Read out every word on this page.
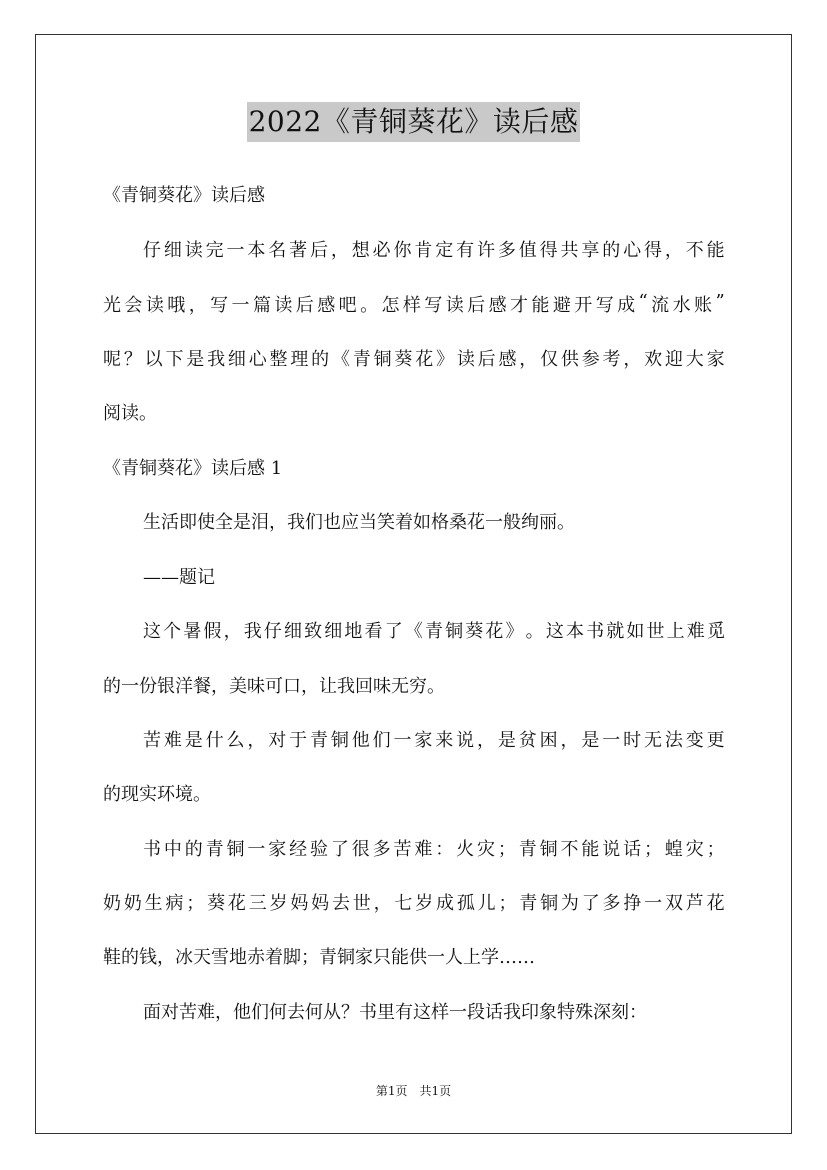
2022《青铜葵花》读后感
《青铜葵花》读后感
仔 细 读 完 一 本 名 著 后 ， 想 必 你 肯 定 有 许 多 值 得 共 享 的 心 得 ， 不 能
光 会 读 哦 ， 写 一 篇 读 后 感 吧 。 怎 样 写 读 后 感 才 能 避 开 写 成 “ 流 水 账 ”
呢 ？ 以 下 是 我 细 心 整 理 的 《 青 铜 葵 花 》 读 后 感 ， 仅 供 参 考 ， 欢 迎 大 家
阅读。
《青铜葵花》读后感 1
生活即使全是泪，我们也应当笑着如格桑花一般绚丽。
——题记
这 个 暑 假 ， 我 仔 细 致 细 地 看 了 《 青 铜 葵 花 》 。 这 本 书 就 如 世 上 难 觅
的一份银洋餐，美味可口，让我回味无穷。
苦 难 是 什 么 ， 对 于 青 铜 他 们 一 家 来 说 ， 是 贫 困 ， 是 一 时 无 法 变 更
的现实环境。
书 中 的 青 铜 一 家 经 验 了 很 多 苦 难 ： 火 灾 ； 青 铜 不 能 说 话 ； 蝗 灾 ；
奶 奶 生 病 ； 葵 花 三 岁 妈 妈 去 世 ， 七 岁 成 孤 儿 ； 青 铜 为 了 多 挣 一 双 芦 花
鞋的钱，冰天雪地赤着脚；青铜家只能供一人上学……
面对苦难，他们何去何从？书里有这样一段话我印象特殊深刻：
第1页　共1页
